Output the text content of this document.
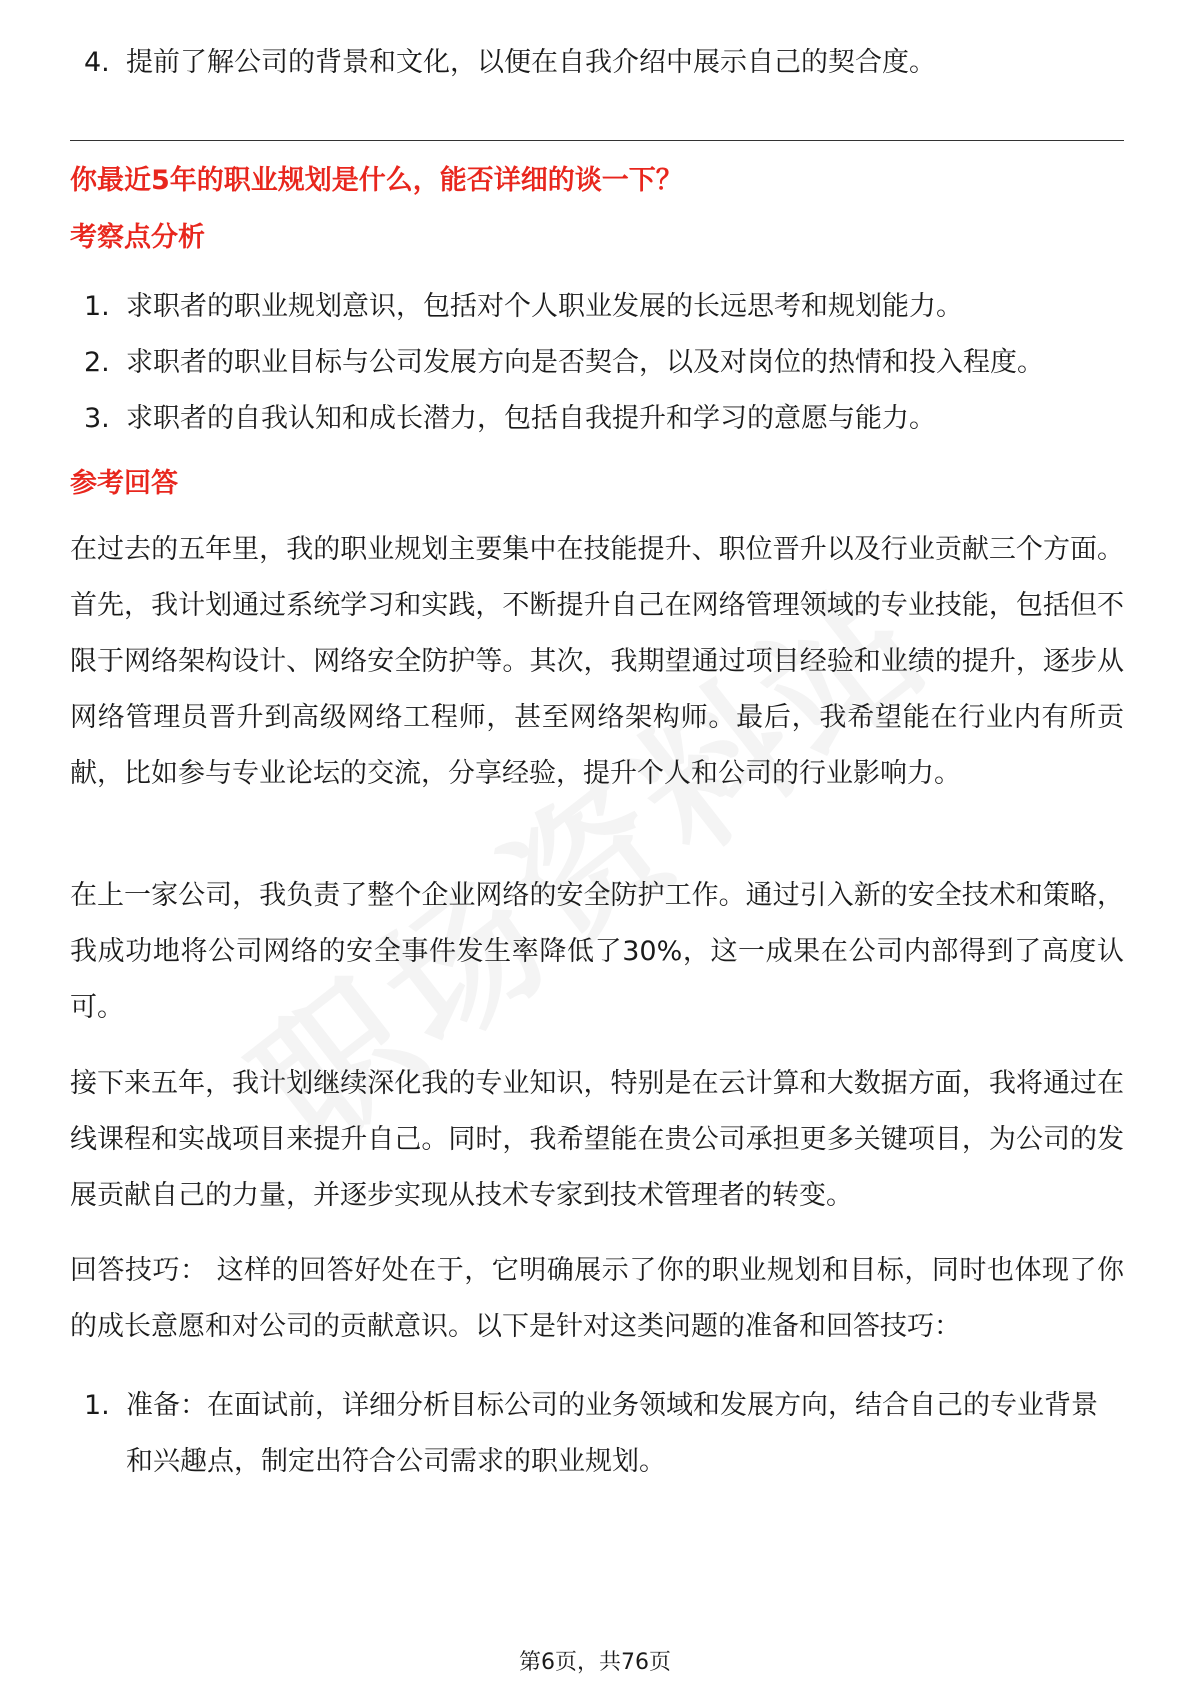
4. 提前了解公司的背景和文化，以便在自我介绍中展示自己的契合度。
你最近5年的职业规划是什么，能否详细的谈一下？
考察点分析
1. 求职者的职业规划意识，包括对个人职业发展的长远思考和规划能力。
2. 求职者的职业目标与公司发展方向是否契合，以及对岗位的热情和投入程度。
3. 求职者的自我认知和成长潜力，包括自我提升和学习的意愿与能力。
参考回答

在过去的五年里，我的职业规划主要集中在技能提升、职位晋升以及行业贡献三个方面。首先，我计划通过系统学习和实践，不断提升自己在网络管理领域的专业技能，包括但不限于网络架构设计、网络安全防护等。其次，我期望通过项目经验和业绩的提升，逐步从网络管理员晋升到高级网络工程师，甚至网络架构师。最后，我希望能在行业内有所贡献，比如参与专业论坛的交流，分享经验，提升个人和公司的行业影响力。

在上一家公司，我负责了整个企业网络的安全防护工作。通过引入新的安全技术和策略，我成功地将公司网络的安全事件发生率降低了30%，这一成果在公司内部得到了高度认可。

接下来五年，我计划继续深化我的专业知识，特别是在云计算和大数据方面，我将通过在线课程和实战项目来提升自己。同时，我希望能在贵公司承担更多关键项目，为公司的发展贡献自己的力量，并逐步实现从技术专家到技术管理者的转变。

回答技巧： 这样的回答好处在于，它明确展示了你的职业规划和目标，同时也体现了你的成长意愿和对公司的贡献意识。以下是针对这类问题的准备和回答技巧：

1. 准备：在面试前，详细分析目标公司的业务领域和发展方向，结合自己的专业背景和兴趣点，制定出符合公司需求的职业规划。
第6页，共76页
